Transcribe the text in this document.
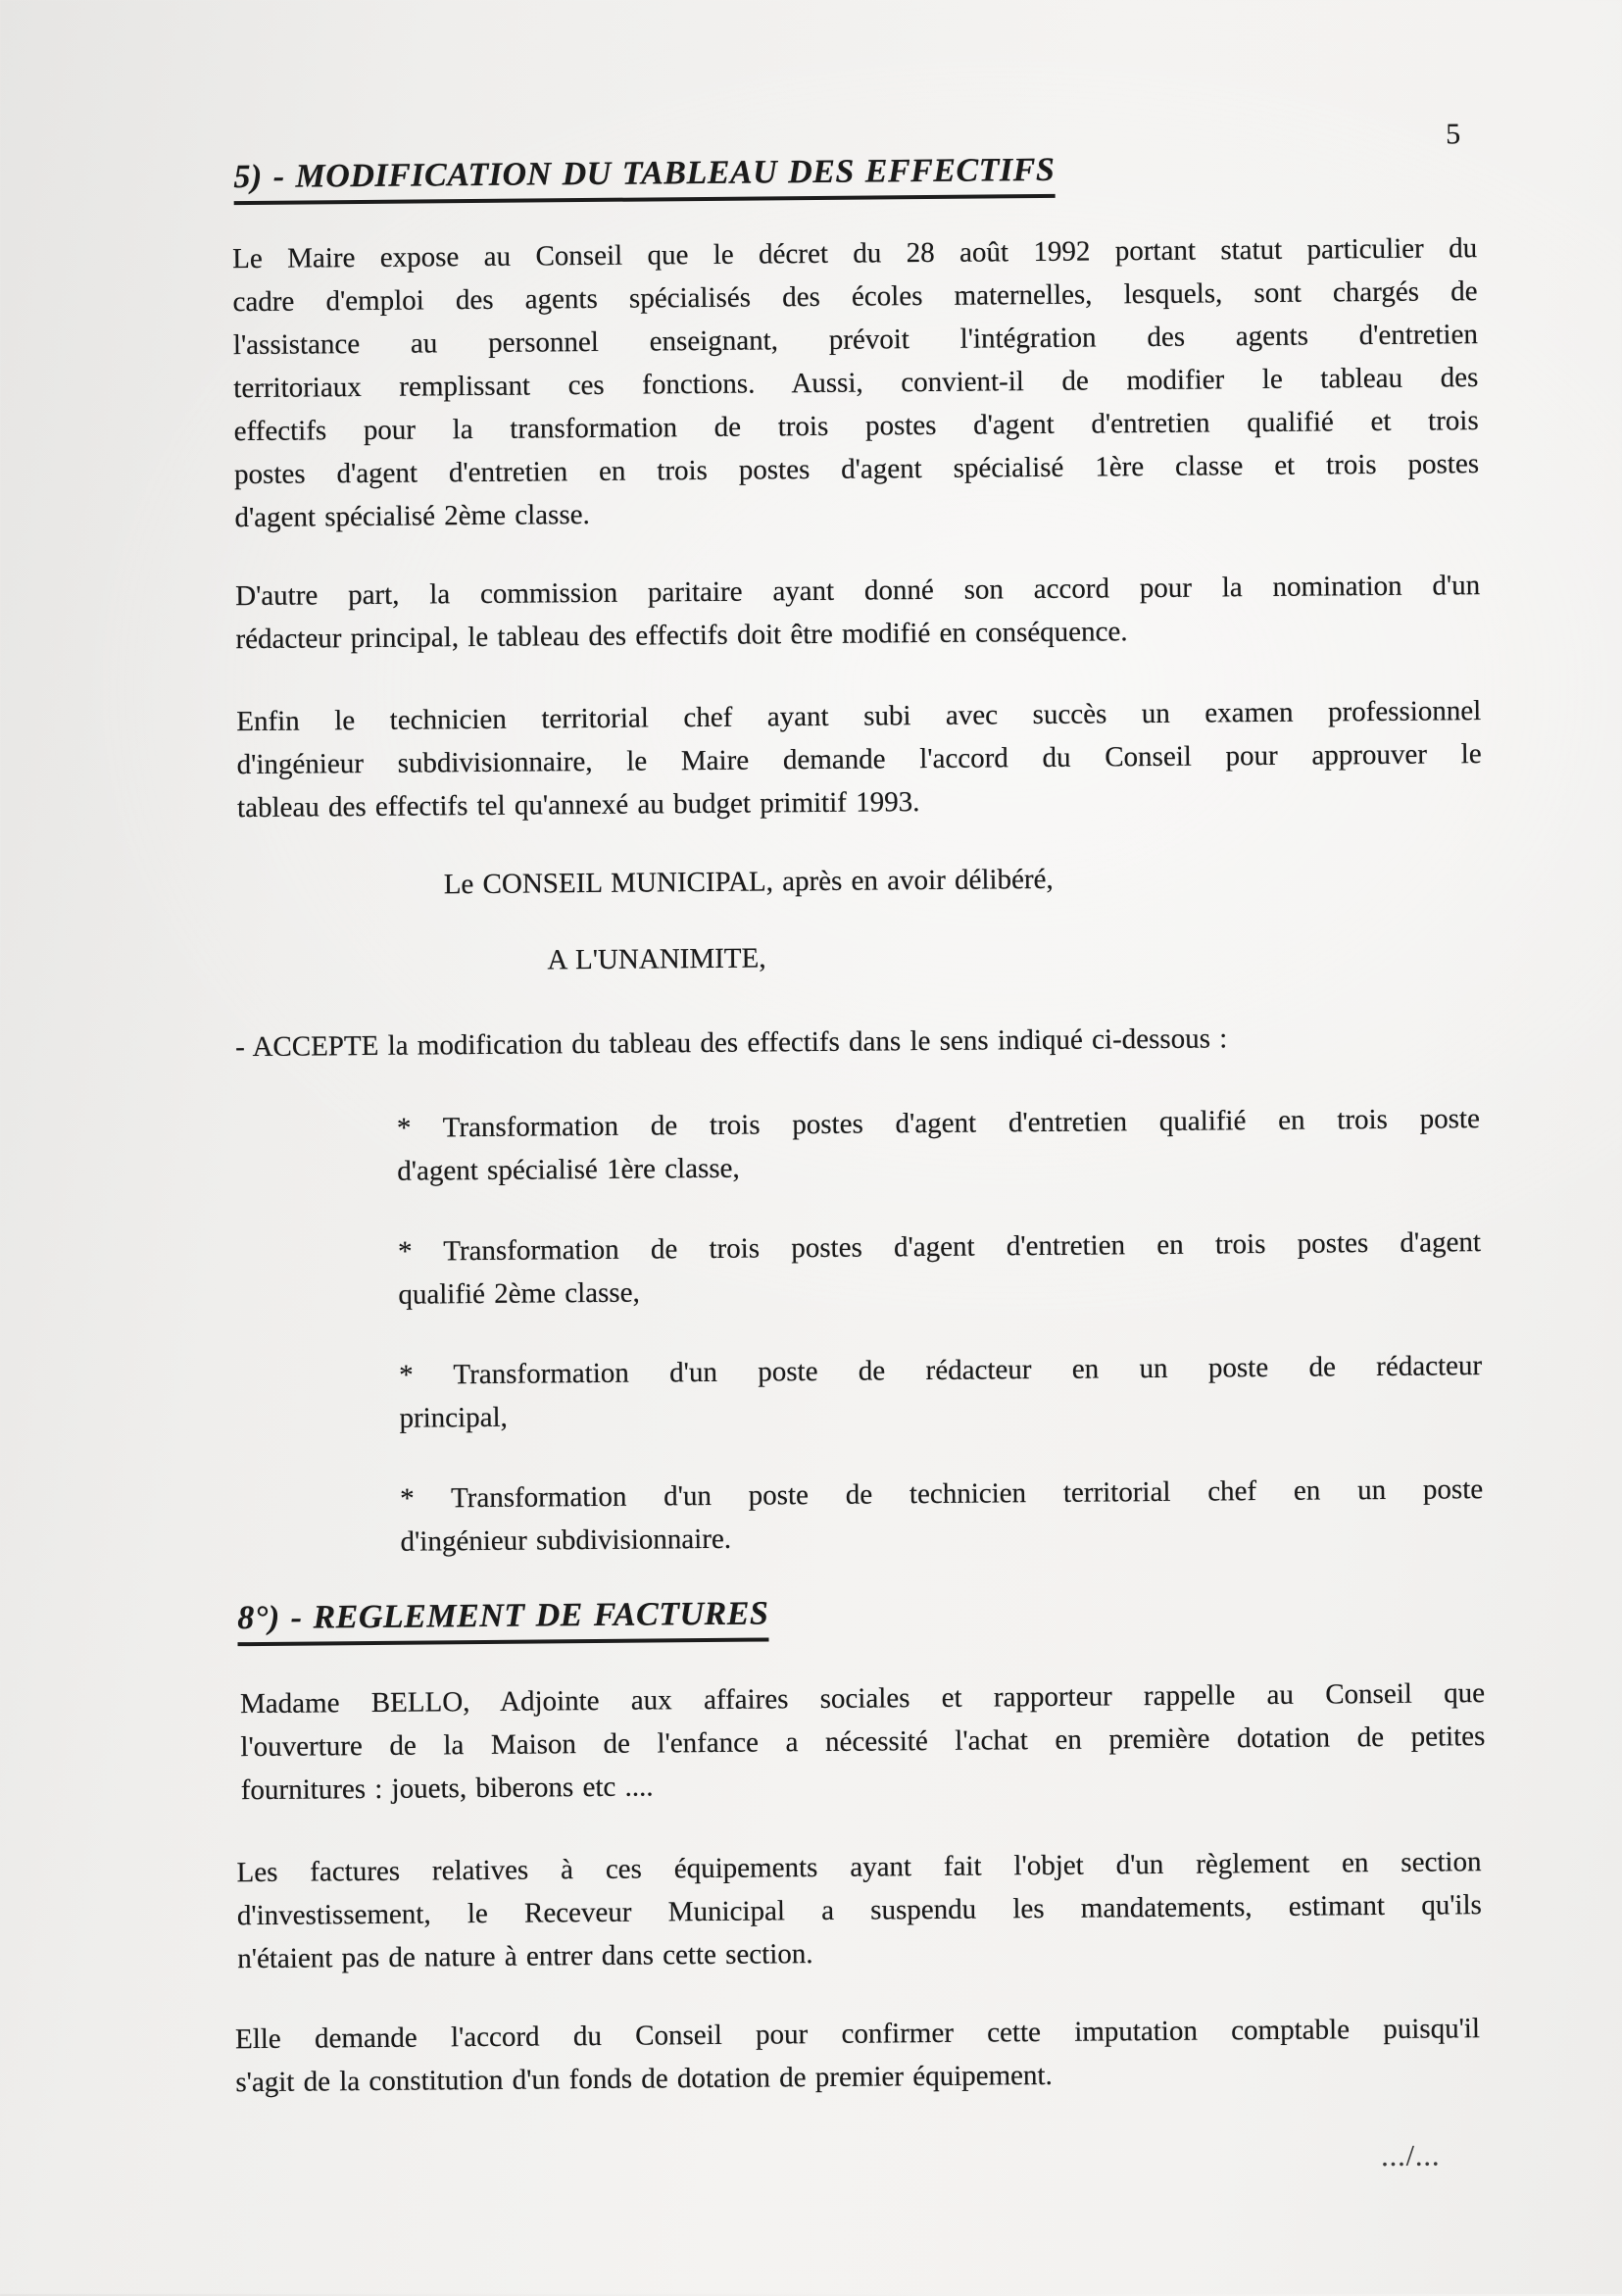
5
5) - MODIFICATION DU TABLEAU DES EFFECTIFS
Le Maire expose au Conseil que le décret du 28 août 1992 portant statut particulier du
cadre d'emploi des agents spécialisés des écoles maternelles, lesquels, sont chargés de
l'assistance au personnel enseignant, prévoit l'intégration des agents d'entretien
territoriaux remplissant ces fonctions. Aussi, convient-il de modifier le tableau des
effectifs pour la transformation de trois postes d'agent d'entretien qualifié et trois
postes d'agent d'entretien en trois postes d'agent spécialisé 1ère classe et trois postes
d'agent spécialisé 2ème classe.
D'autre part, la commission paritaire ayant donné son accord pour la nomination d'un
rédacteur principal, le tableau des effectifs doit être modifié en conséquence.
Enfin le technicien territorial chef ayant subi avec succès un examen professionnel
d'ingénieur subdivisionnaire, le Maire demande l'accord du Conseil pour approuver le
tableau des effectifs tel qu'annexé au budget primitif 1993.
Le CONSEIL MUNICIPAL, après en avoir délibéré,
A L'UNANIMITE,
- ACCEPTE la modification du tableau des effectifs dans le sens indiqué ci-dessous :
* Transformation de trois postes d'agent d'entretien qualifié en trois poste
d'agent spécialisé 1ère classe,
* Transformation de trois postes d'agent d'entretien en trois postes d'agent
qualifié 2ème classe,
* Transformation d'un poste de rédacteur en un poste de rédacteur
principal,
* Transformation d'un poste de technicien territorial chef en un poste
d'ingénieur subdivisionnaire.
8°) - REGLEMENT DE FACTURES
Madame BELLO, Adjointe aux affaires sociales et rapporteur rappelle au Conseil que
l'ouverture de la Maison de l'enfance a nécessité l'achat en première dotation de petites
fournitures : jouets, biberons etc ....
Les factures relatives à ces équipements ayant fait l'objet d'un règlement en section
d'investissement, le Receveur Municipal a suspendu les mandatements, estimant qu'ils
n'étaient pas de nature à entrer dans cette section.
Elle demande l'accord du Conseil pour confirmer cette imputation comptable puisqu'il
s'agit de la constitution d'un fonds de dotation de premier équipement.
.../...
